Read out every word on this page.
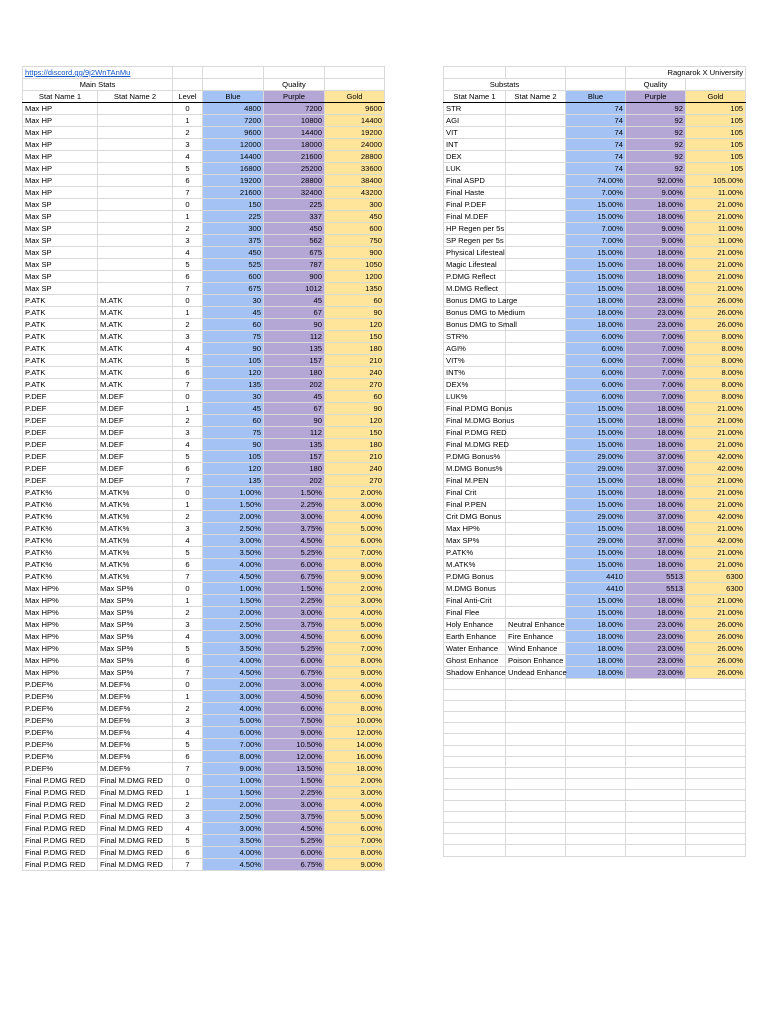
https://discord.gg/9j2WnTAnMu					
Main Stats				Quality	
Stat Name 1	Stat Name 2	Level	Blue	Purple	Gold
Max HP		0	4800	7200	9600
Max HP		1	7200	10800	14400
Max HP		2	9600	14400	19200
Max HP		3	12000	18000	24000
Max HP		4	14400	21600	28800
Max HP		5	16800	25200	33600
Max HP		6	19200	28800	38400
Max HP		7	21600	32400	43200
Max SP		0	150	225	300
Max SP		1	225	337	450
Max SP		2	300	450	600
Max SP		3	375	562	750
Max SP		4	450	675	900
Max SP		5	525	787	1050
Max SP		6	600	900	1200
Max SP		7	675	1012	1350
P.ATK	M.ATK	0	30	45	60
P.ATK	M.ATK	1	45	67	90
P.ATK	M.ATK	2	60	90	120
P.ATK	M.ATK	3	75	112	150
P.ATK	M.ATK	4	90	135	180
P.ATK	M.ATK	5	105	157	210
P.ATK	M.ATK	6	120	180	240
P.ATK	M.ATK	7	135	202	270
P.DEF	M.DEF	0	30	45	60
P.DEF	M.DEF	1	45	67	90
P.DEF	M.DEF	2	60	90	120
P.DEF	M.DEF	3	75	112	150
P.DEF	M.DEF	4	90	135	180
P.DEF	M.DEF	5	105	157	210
P.DEF	M.DEF	6	120	180	240
P.DEF	M.DEF	7	135	202	270
P.ATK%	M.ATK%	0	1.00%	1.50%	2.00%
P.ATK%	M.ATK%	1	1.50%	2.25%	3.00%
P.ATK%	M.ATK%	2	2.00%	3.00%	4.00%
P.ATK%	M.ATK%	3	2.50%	3.75%	5.00%
P.ATK%	M.ATK%	4	3.00%	4.50%	6.00%
P.ATK%	M.ATK%	5	3.50%	5.25%	7.00%
P.ATK%	M.ATK%	6	4.00%	6.00%	8.00%
P.ATK%	M.ATK%	7	4.50%	6.75%	9.00%
Max HP%	Max SP%	0	1.00%	1.50%	2.00%
Max HP%	Max SP%	1	1.50%	2.25%	3.00%
Max HP%	Max SP%	2	2.00%	3.00%	4.00%
Max HP%	Max SP%	3	2.50%	3.75%	5.00%
Max HP%	Max SP%	4	3.00%	4.50%	6.00%
Max HP%	Max SP%	5	3.50%	5.25%	7.00%
Max HP%	Max SP%	6	4.00%	6.00%	8.00%
Max HP%	Max SP%	7	4.50%	6.75%	9.00%
P.DEF%	M.DEF%	0	2.00%	3.00%	4.00%
P.DEF%	M.DEF%	1	3.00%	4.50%	6.00%
P.DEF%	M.DEF%	2	4.00%	6.00%	8.00%
P.DEF%	M.DEF%	3	5.00%	7.50%	10.00%
P.DEF%	M.DEF%	4	6.00%	9.00%	12.00%
P.DEF%	M.DEF%	5	7.00%	10.50%	14.00%
P.DEF%	M.DEF%	6	8.00%	12.00%	16.00%
P.DEF%	M.DEF%	7	9.00%	13.50%	18.00%
Final P.DMG RED	Final M.DMG RED	0	1.00%	1.50%	2.00%
Final P.DMG RED	Final M.DMG RED	1	1.50%	2.25%	3.00%
Final P.DMG RED	Final M.DMG RED	2	2.00%	3.00%	4.00%
Final P.DMG RED	Final M.DMG RED	3	2.50%	3.75%	5.00%
Final P.DMG RED	Final M.DMG RED	4	3.00%	4.50%	6.00%
Final P.DMG RED	Final M.DMG RED	5	3.50%	5.25%	7.00%
Final P.DMG RED	Final M.DMG RED	6	4.00%	6.00%	8.00%
Final P.DMG RED	Final M.DMG RED	7	4.50%	6.75%	9.00%
			Ragnarok X University	
Substats			Quality	
Stat Name 1	Stat Name 2	Blue	Purple	Gold
STR		74	92	105
AGI		74	92	105
VIT		74	92	105
INT		74	92	105
DEX		74	92	105
LUK		74	92	105
Final ASPD		74.00%	92.00%	105.00%
Final Haste		7.00%	9.00%	11.00%
Final P.DEF		15.00%	18.00%	21.00%
Final M.DEF		15.00%	18.00%	21.00%
HP Regen per 5s		7.00%	9.00%	11.00%
SP Regen per 5s		7.00%	9.00%	11.00%
Physical Lifesteal		15.00%	18.00%	21.00%
Magic Lifesteal		15.00%	18.00%	21.00%
P.DMG Reflect		15.00%	18.00%	21.00%
M.DMG Reflect		15.00%	18.00%	21.00%
Bonus DMG to Large		18.00%	23.00%	26.00%
Bonus DMG to Medium		18.00%	23.00%	26.00%
Bonus DMG to Small		18.00%	23.00%	26.00%
STR%		6.00%	7.00%	8.00%
AGI%		6.00%	7.00%	8.00%
VIT%		6.00%	7.00%	8.00%
INT%		6.00%	7.00%	8.00%
DEX%		6.00%	7.00%	8.00%
LUK%		6.00%	7.00%	8.00%
Final P.DMG Bonus		15.00%	18.00%	21.00%
Final M.DMG Bonus		15.00%	18.00%	21.00%
Final P.DMG RED		15.00%	18.00%	21.00%
Final M.DMG RED		15.00%	18.00%	21.00%
P.DMG Bonus%		29.00%	37.00%	42.00%
M.DMG Bonus%		29.00%	37.00%	42.00%
Final M.PEN		15.00%	18.00%	21.00%
Final Crit		15.00%	18.00%	21.00%
Final P.PEN		15.00%	18.00%	21.00%
Crit DMG Bonus		29.00%	37.00%	42.00%
Max HP%		15.00%	18.00%	21.00%
Max SP%		29.00%	37.00%	42.00%
P.ATK%		15.00%	18.00%	21.00%
M.ATK%		15.00%	18.00%	21.00%
P.DMG Bonus		4410	5513	6300
M.DMG Bonus		4410	5513	6300
Final Anti-Crit		15.00%	18.00%	21.00%
Final Flee		15.00%	18.00%	21.00%
Holy Enhance	Neutral Enhance	18.00%	23.00%	26.00%
Earth Enhance	Fire Enhance	18.00%	23.00%	26.00%
Water Enhance	Wind Enhance	18.00%	23.00%	26.00%
Ghost Enhance	Poison Enhance	18.00%	23.00%	26.00%
Shadow Enhance	Undead Enhance	18.00%	23.00%	26.00%
